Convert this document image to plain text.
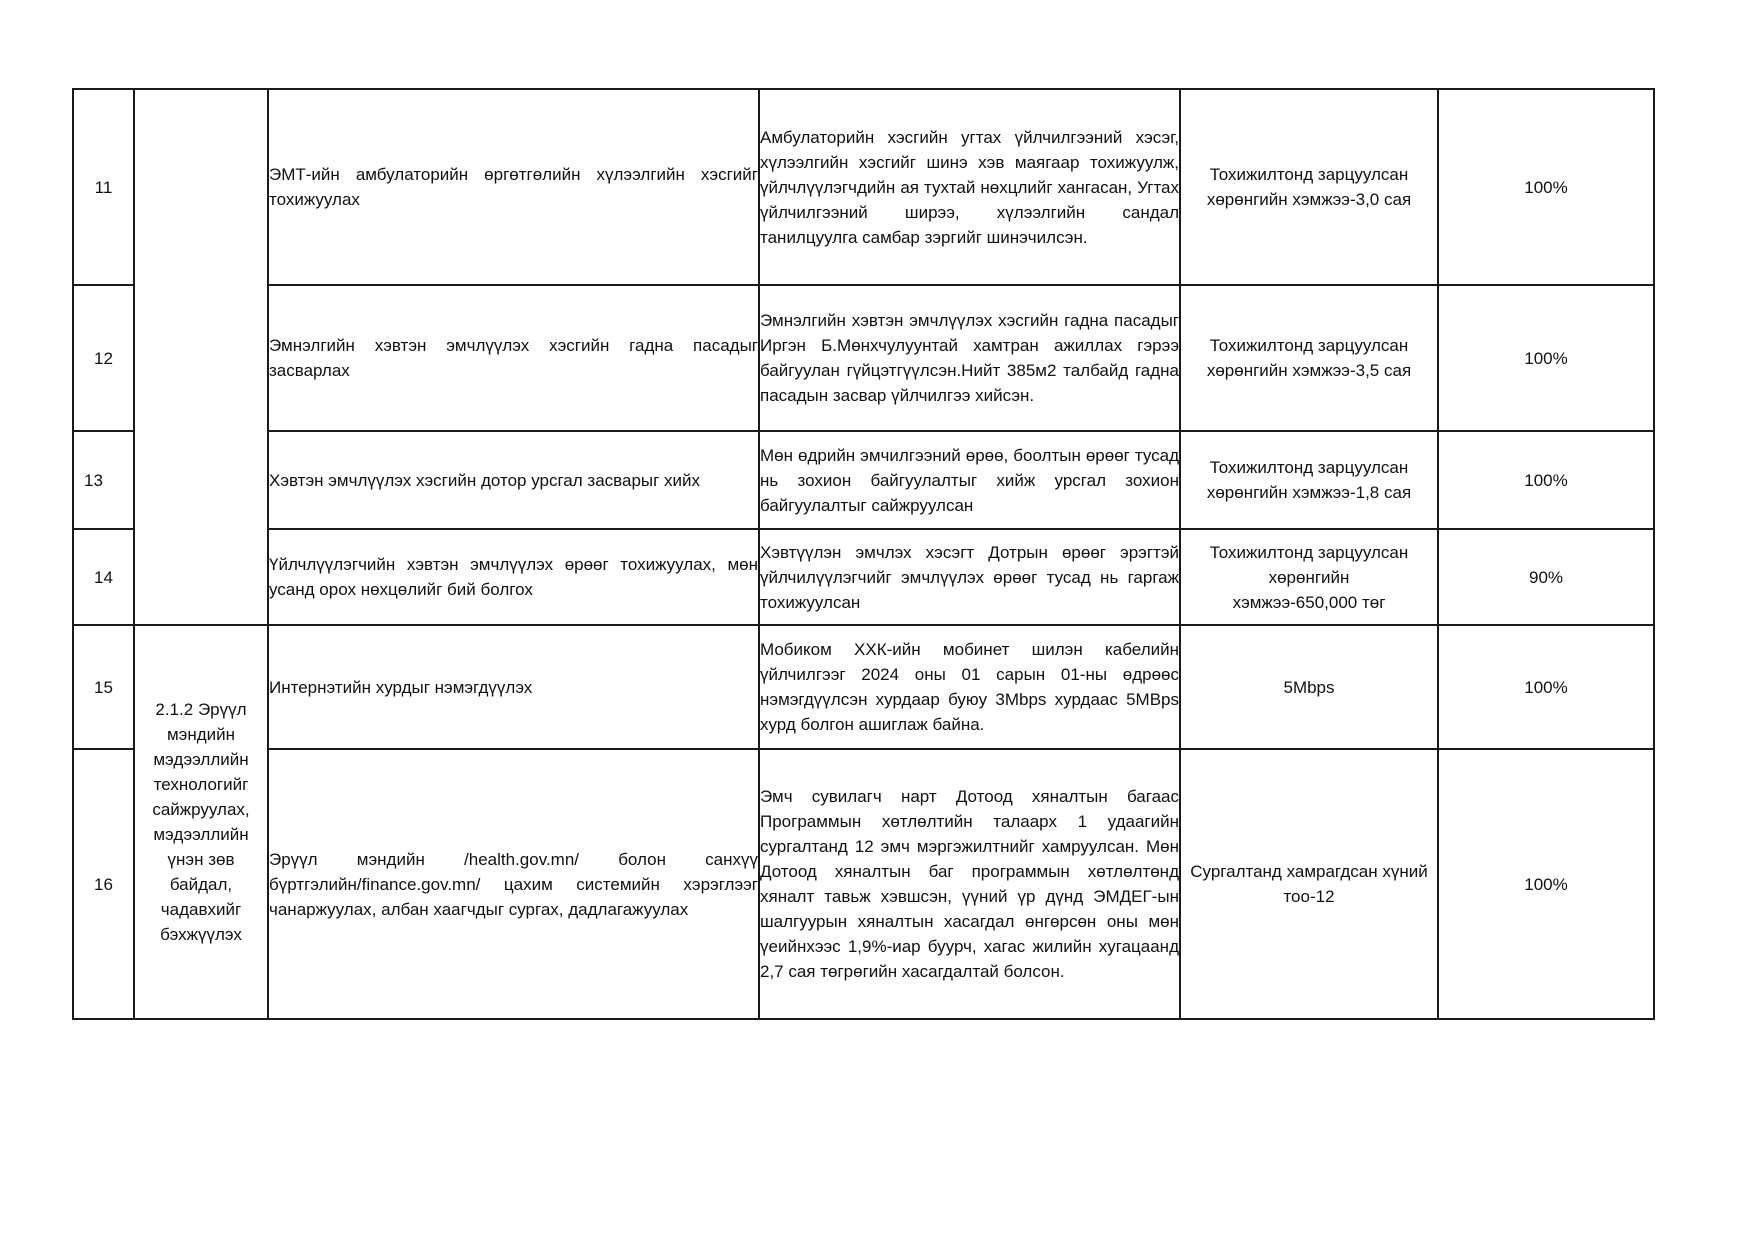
11		ЭМТ-ийн амбулаторийн өргөтгөлийн хүлээлгийн хэсгийг тохижуулах	Амбулаторийн хэсгийн угтах үйлчилгээний хэсэг, хүлээлгийн хэсгийг шинэ хэв маягаар тохижуулж, үйлчлүүлэгчдийн ая тухтай нөхцлийг хангасан, Угтах үйлчилгээний ширээ, хүлээлгийн сандал танилцуулга самбар зэргийг шинэчилсэн.	Тохижилтонд зарцуулсан хөрөнгийн хэмжээ-3,0 сая	100%
12		Эмнэлгийн хэвтэн эмчлүүлэх хэсгийн гадна пасадыг засварлах	Эмнэлгийн хэвтэн эмчлүүлэх хэсгийн гадна пасадыг Иргэн Б.Мөнхчулуунтай хамтран ажиллах гэрээ байгуулан гүйцэтгүүлсэн.Нийт 385м2 талбайд гадна пасадын засвар үйлчилгээ хийсэн.	Тохижилтонд зарцуулсан хөрөнгийн хэмжээ-3,5 сая	100%
13		Хэвтэн эмчлүүлэх хэсгийн дотор урсгал засварыг хийх	Мөн өдрийн эмчилгээний өрөө, боолтын өрөөг тусад нь зохион байгуулалтыг хийж урсгал зохион байгуулалтыг сайжруулсан	Тохижилтонд зарцуулсан хөрөнгийн хэмжээ-1,8 сая	100%
14		Үйлчлүүлэгчийн хэвтэн эмчлүүлэх өрөөг тохижуулах, мөн усанд орох нөхцөлийг бий болгох	Хэвтүүлэн эмчлэх хэсэгт Дотрын өрөөг эрэгтэй үйлчилүүлэгчийг эмчлүүлэх өрөөг тусад нь гаргаж тохижуулсан	Тохижилтонд зарцуулсан
хөрөнгийн
хэмжээ-650,000 төг	90%
15	2.1.2 Эрүүл мэндийн мэдээллийн технологийг сайжруулах, мэдээллийн үнэн зөв байдал, чадавхийг бэхжүүлэх	Интернэтийн хурдыг нэмэгдүүлэх	Мобиком ХХК-ийн мобинет шилэн кабелийн үйлчилгээг 2024 оны 01 сарын 01-ны өдрөөс нэмэгдүүлсэн хурдаар буюу 3Mbps хурдаас 5MBps хурд болгон ашиглаж байна.	5Mbps	100%
16		Эрүүл мэндийн /health.gov.mn/ болон санхүү бүртгэлийн/finance.gov.mn/ цахим системийн хэрэглээг чанаржуулах, албан хаагчдыг сургах, дадлагажуулах	Эмч сувилагч нарт Дотоод хяналтын багаас Программын хөтлөлтийн талаарх 1 удаагийн сургалтанд 12 эмч мэргэжилтнийг хамруулсан. Мөн Дотоод хяналтын баг программын хөтлөлтөнд хяналт тавьж хэвшсэн, үүний үр дүнд ЭМДЕГ-ын шалгуурын хяналтын хасагдал өнгөрсөн оны мөн үеийнхээс 1,9%-иар буурч, хагас жилийн хугацаанд 2,7 сая төгрөгийн хасагдалтай болсон.	Сургалтанд хамрагдсан хүний тоо-12	100%
